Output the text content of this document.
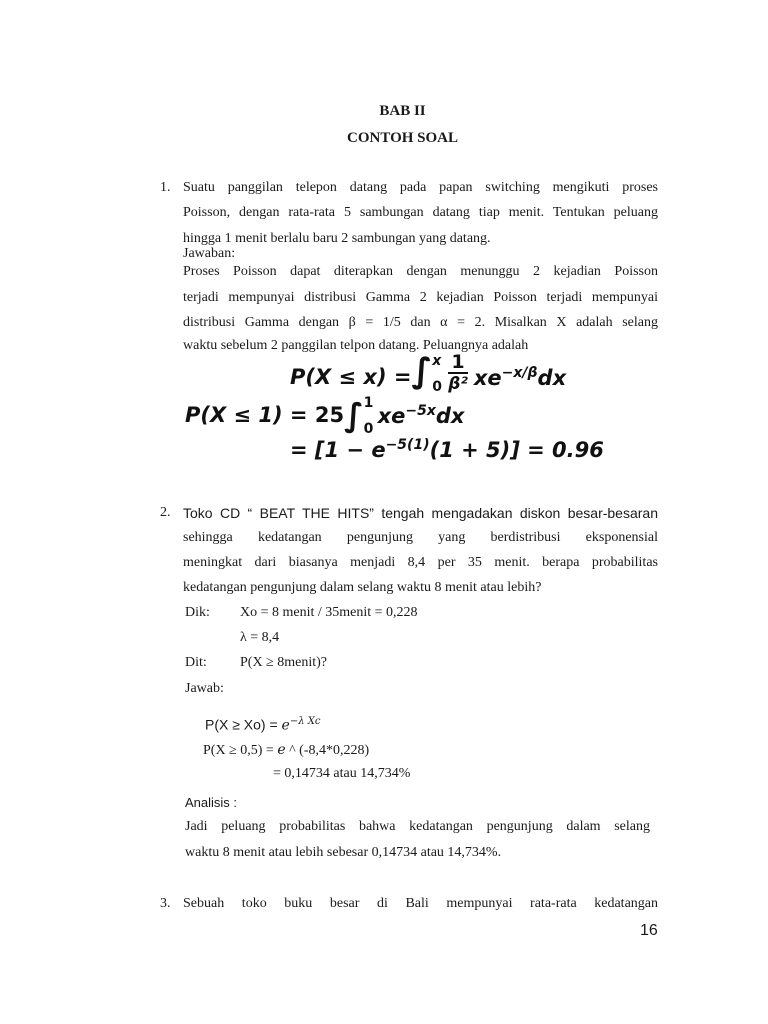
BAB II
CONTOH SOAL
1. Suatu panggilan telepon datang pada papan switching mengikuti proses
Poisson, dengan rata-rata 5 sambungan datang tiap menit. Tentukan peluang
hingga 1 menit berlalu baru 2 sambungan yang datang.
Jawaban:
Proses Poisson dapat diterapkan dengan menunggu 2 kejadian Poisson
terjadi mempunyai distribusi Gamma 2 kejadian Poisson terjadi mempunyai
distribusi Gamma dengan β = 1/5 dan α = 2. Misalkan X adalah selang
waktu sebelum 2 panggilan telpon datang. Peluangnya adalah
P(X ≤ x) =∫ x
$0 \frac{1}{\text{β²}} xe^{-x/\beta}dx$
P(X ≤ 1) = 25∫ 1
0
$xe^{-5x}dx$
= $[1 - e^{-5(1)}(1 + 5)] = 0.96$
2. Toko CD “ BEAT THE HITS” tengah mengadakan diskon besar-besaran
sehingga kedatangan pengunjung yang berdistribusi eksponensial
meningkat dari biasanya menjadi 8,4 per 35 menit. berapa probabilitas
kedatangan pengunjung dalam selang waktu 8 menit atau lebih?
Dik: Xo = 8 menit / 35menit = 0,228
λ = 8,4
Dit: P(X ≥ 8menit)?
Jawab:
$P(X \ge Xo) = e^{-\lambda Xc}$
P(X ≥ 0,5) = e ^ (-8,4*0,228)
= 0,14734 atau 14,734%
Analisis :
Jadi peluang probabilitas bahwa kedatangan pengunjung dalam selang
waktu 8 menit atau lebih sebesar 0,14734 atau 14,734%.
3. Sebuah toko buku besar di Bali mempunyai rata-rata kedatangan
16
